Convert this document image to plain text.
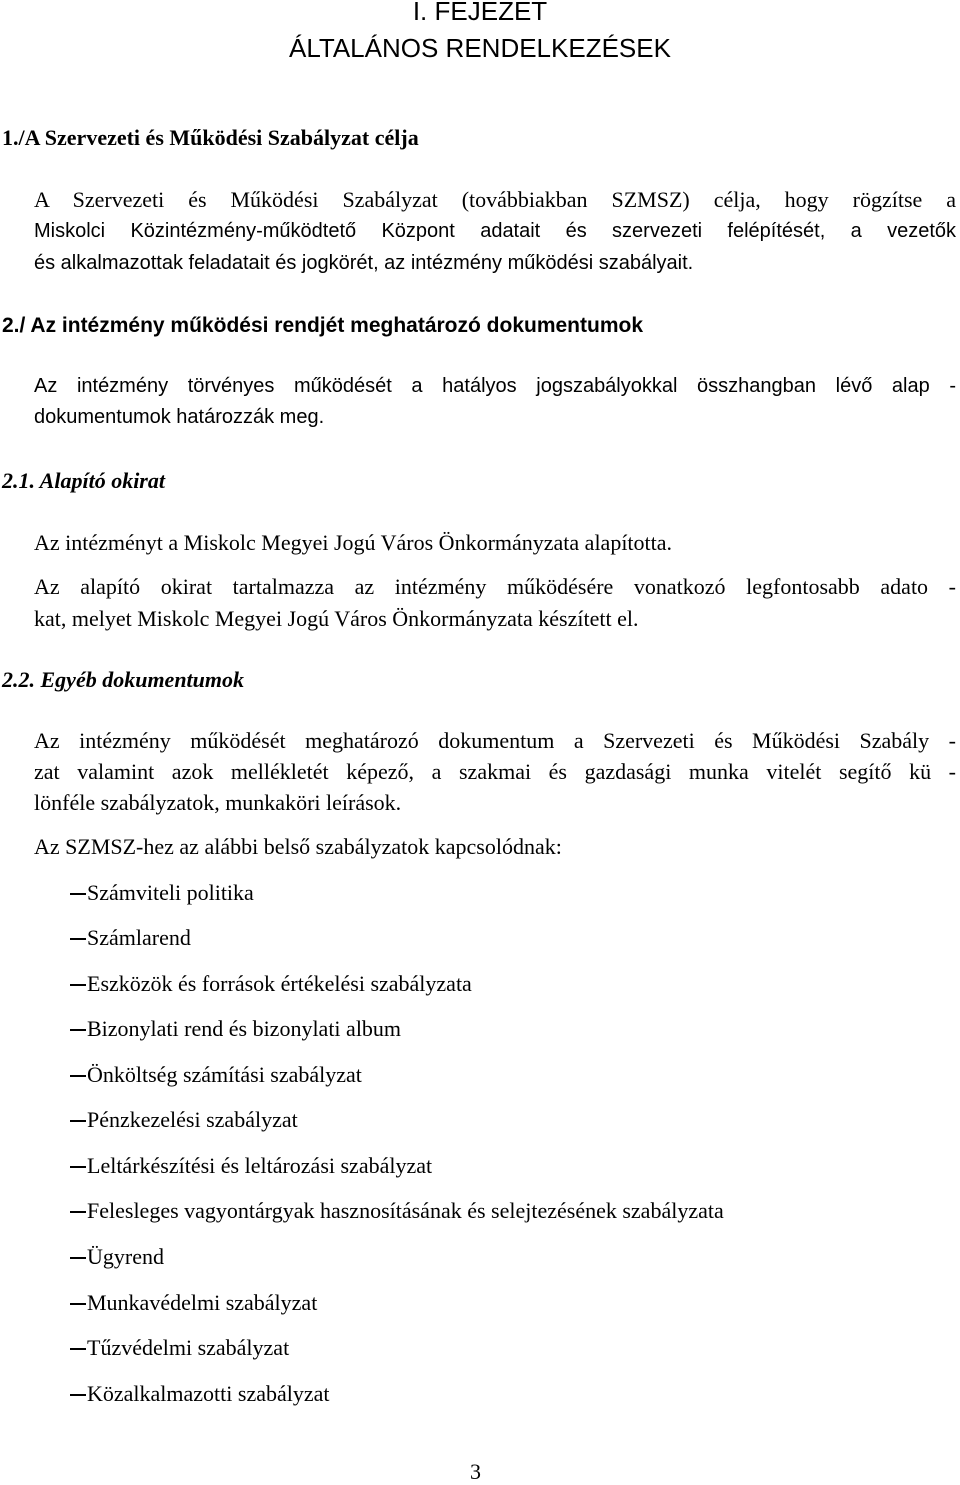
I. FEJEZET
ÁLTALÁNOS RENDELKEZÉSEK
1./A Szervezeti és Működési Szabályzat célja
A Szervezeti és Működési Szabályzat (továbbiakban SZMSZ) célja, hogy rögzítse a
Miskolci Közintézmény-működtető Központ adatait és szervezeti felépítését, a vezetők
és alkalmazottak feladatait és jogkörét, az intézmény működési szabályait.
2./ Az intézmény működési rendjét meghatározó dokumentumok
Az intézmény törvényes működését a hatályos jogszabályokkal összhangban lévő alap -
dokumentumok határozzák meg.
2.1. Alapító okirat
Az intézményt a Miskolc Megyei Jogú Város Önkormányzata alapította.
Az alapító okirat tartalmazza az intézmény működésére vonatkozó legfontosabb adato -
kat, melyet Miskolc Megyei Jogú Város Önkormányzata készített el.
2.2. Egyéb dokumentumok
Az intézmény működését meghatározó dokumentum a Szervezeti és Működési Szabály -
zat valamint azok mellékletét képező, a szakmai és gazdasági munka vitelét segítő kü -
lönféle szabályzatok, munkaköri leírások.
Az SZMSZ-hez az alábbi belső szabályzatok kapcsolódnak:
Számviteli politika
Számlarend
Eszközök és források értékelési szabályzata
Bizonylati rend és bizonylati album
Önköltség számítási szabályzat
Pénzkezelési szabályzat
Leltárkészítési és leltározási szabályzat
Felesleges vagyontárgyak hasznosításának és selejtezésének szabályzata
Ügyrend
Munkavédelmi szabályzat
Tűzvédelmi szabályzat
Közalkalmazotti szabályzat
3
